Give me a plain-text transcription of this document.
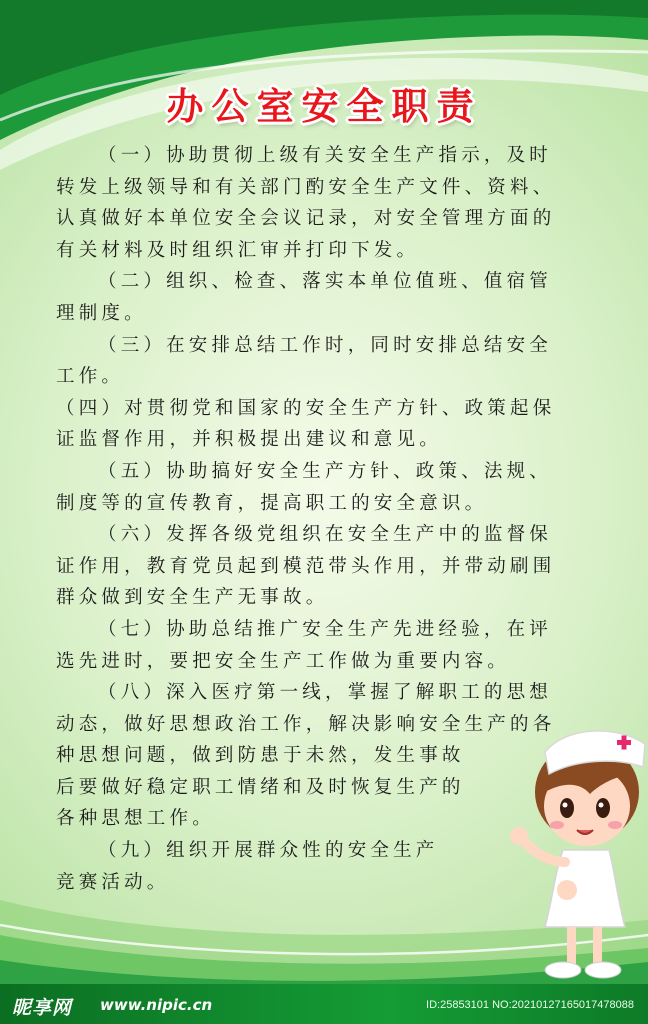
办公室安全职责
（一）协助贯彻上级有关安全生产指示，及时
转发上级领导和有关部门酌安全生产文件、资料、
认真做好本单位安全会议记录，对安全管理方面的
有关材料及时组织汇审并打印下发。
（二）组织、检查、落实本单位值班、值宿管
理制度。
（三）在安排总结工作时，同时安排总结安全
工作。
（四）对贯彻党和国家的安全生产方针、政策起保
证监督作用，并积极提出建议和意见。
（五）协助搞好安全生产方针、政策、法规、
制度等的宣传教育，提高职工的安全意识。
（六）发挥各级党组织在安全生产中的监督保
证作用，教育党员起到模范带头作用，并带动刷围
群众做到安全生产无事故。
（七）协助总结推广安全生产先进经验，在评
选先进时，要把安全生产工作做为重要内容。
（八）深入医疗第一线，掌握了解职工的思想
动态，做好思想政治工作，解决影响安全生产的各
种思想问题，做到防患于未然，发生事故
后要做好稳定职工情绪和及时恢复生产的
各种思想工作。
（九）组织开展群众性的安全生产
竞赛活动。
昵享网 www.nipic.cn	ID:25853101 NO:20210127165017478088
